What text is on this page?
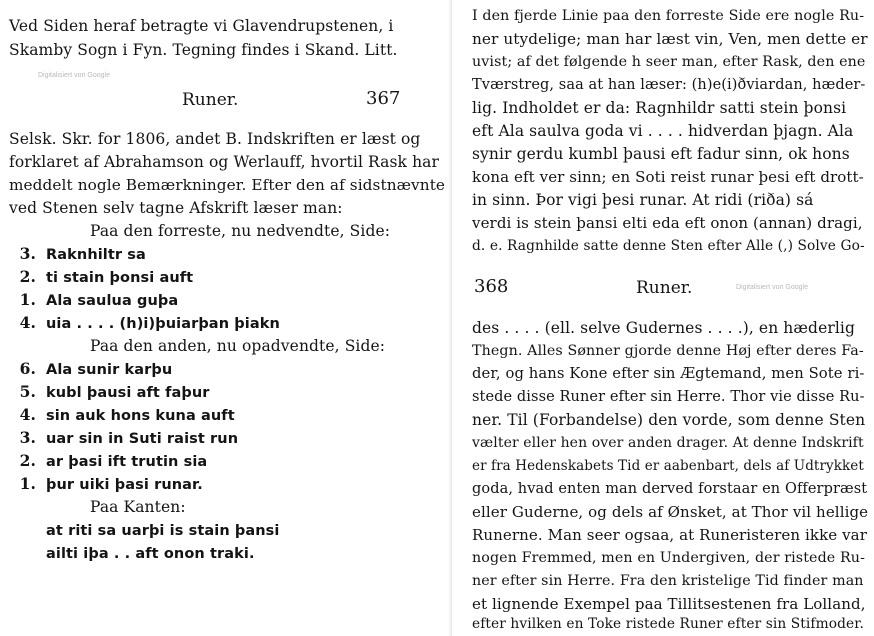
Ved Siden heraf betragte vi Glavendrupstenen, i
Skamby Sogn i Fyn. Tegning findes i Skand. Litt.
Digitalisiert von Google
Runer.	367
Selsk. Skr. for 1806, andet B. Indskriften er læst og
forklaret af Abrahamson og Werlauff, hvortil Rask har
meddelt nogle Bemærkninger. Efter den af sidstnævnte
ved Stenen selv tagne Afskrift læser man:
Paa den forreste, nu nedvendte, Side:
3. Raknhiltr sa
2. ti stain þonsi auft
1. Ala saulua guþa
4. uia . . . . (h)i)þuiarþan þiakn
Paa den anden, nu opadvendte, Side:
6. Ala sunir karþu
5. kubl þausi aft faþur
4. sin auk hons kuna auft
3. uar sin in Suti raist run
2. ar þasi ift trutin sia
1. þur uiki þasi runar.
Paa Kanten:
at riti sa uarþi is stain þansi
ailti iþa . . aft onon traki.
I den fjerde Linie paa den forreste Side ere nogle Ru-
ner utydelige; man har læst vin, Ven, men dette er
uvist; af det følgende h seer man, efter Rask, den ene
Tværstreg, saa at han læser: (h)e(i)ðviardan, hæder-
lig. Indholdet er da: Ragnhildr satti stein þonsi
eft Ala saulva goda vi . . . . hidverdan þjagn. Ala
synir gerdu kumbl þausi eft fadur sinn, ok hons
kona eft ver sinn; en Soti reist runar þesi eft drott-
in sinn. Þor vigi þesi runar. At ridi (riða) sá
verdi is stein þansi elti eda eft onon (annan) dragi,
d. e. Ragnhilde satte denne Sten efter Alle (,) Solve Go-
368	Runer.	Digitalisiert von Google
des . . . . (ell. selve Gudernes . . . .), en hæderlig
Thegn. Alles Sønner gjorde denne Høj efter deres Fa-
der, og hans Kone efter sin Ægtemand, men Sote ri-
stede disse Runer efter sin Herre. Thor vie disse Ru-
ner. Til (Forbandelse) den vorde, som denne Sten
vælter eller hen over anden drager. At denne Indskrift
er fra Hedenskabets Tid er aabenbart, dels af Udtrykket
goda, hvad enten man derved forstaar en Offerpræst
eller Guderne, og dels af Ønsket, at Thor vil hellige
Runerne. Man seer ogsaa, at Runeristeren ikke var
nogen Fremmed, men en Undergiven, der ristede Ru-
ner efter sin Herre. Fra den kristelige Tid finder man
et lignende Exempel paa Tillitsestenen fra Lolland,
efter hvilken en Toke ristede Runer efter sin Stifmoder.
